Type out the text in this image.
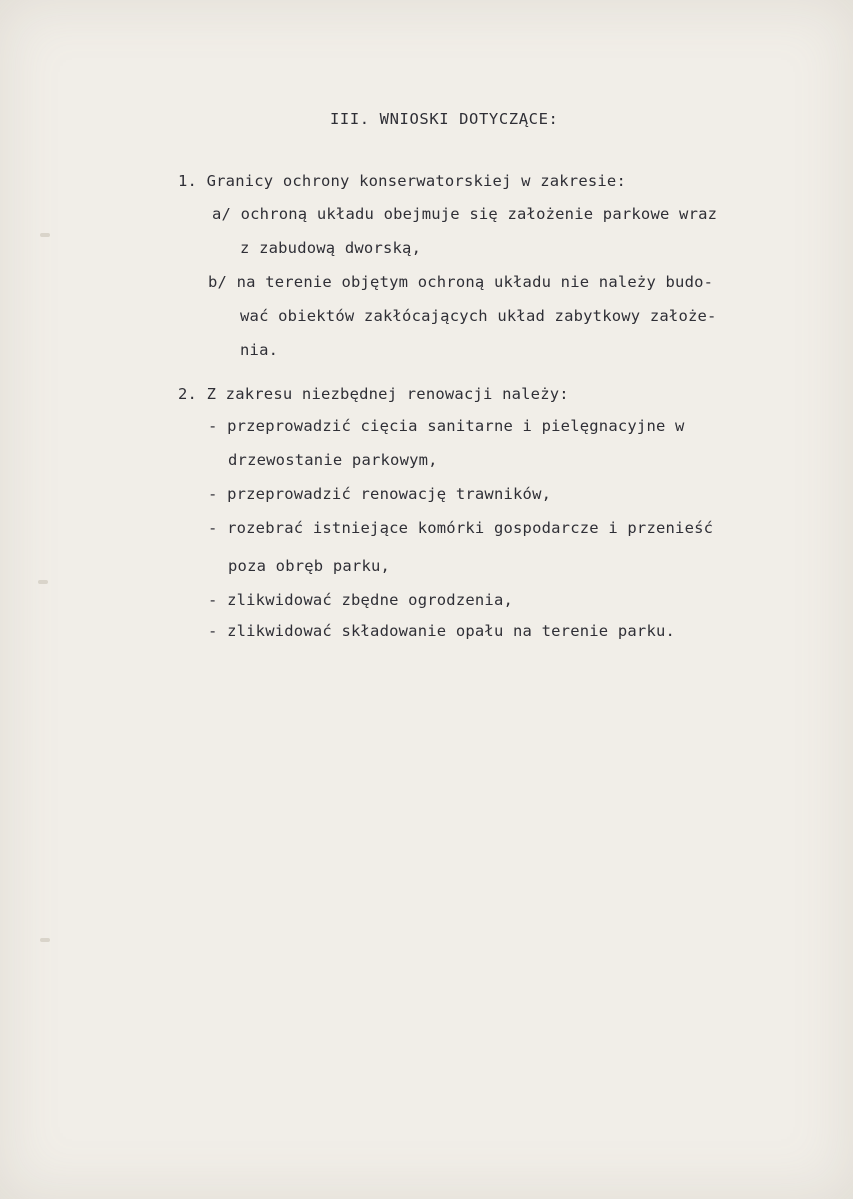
III. WNIOSKI DOTYCZĄCE:
1. Granicy ochrony konserwatorskiej w zakresie:
a/ ochroną układu obejmuje się założenie parkowe wraz
z zabudową dworską,
b/ na terenie objętym ochroną układu nie należy budo-
wać obiektów zakłócających układ zabytkowy założe-
nia.
2. Z zakresu niezbędnej renowacji należy:
- przeprowadzić cięcia sanitarne i pielęgnacyjne w
drzewostanie parkowym,
- przeprowadzić renowację trawników,
- rozebrać istniejące komórki gospodarcze i przenieść
poza obręb parku,
- zlikwidować zbędne ogrodzenia,
- zlikwidować składowanie opału na terenie parku.
